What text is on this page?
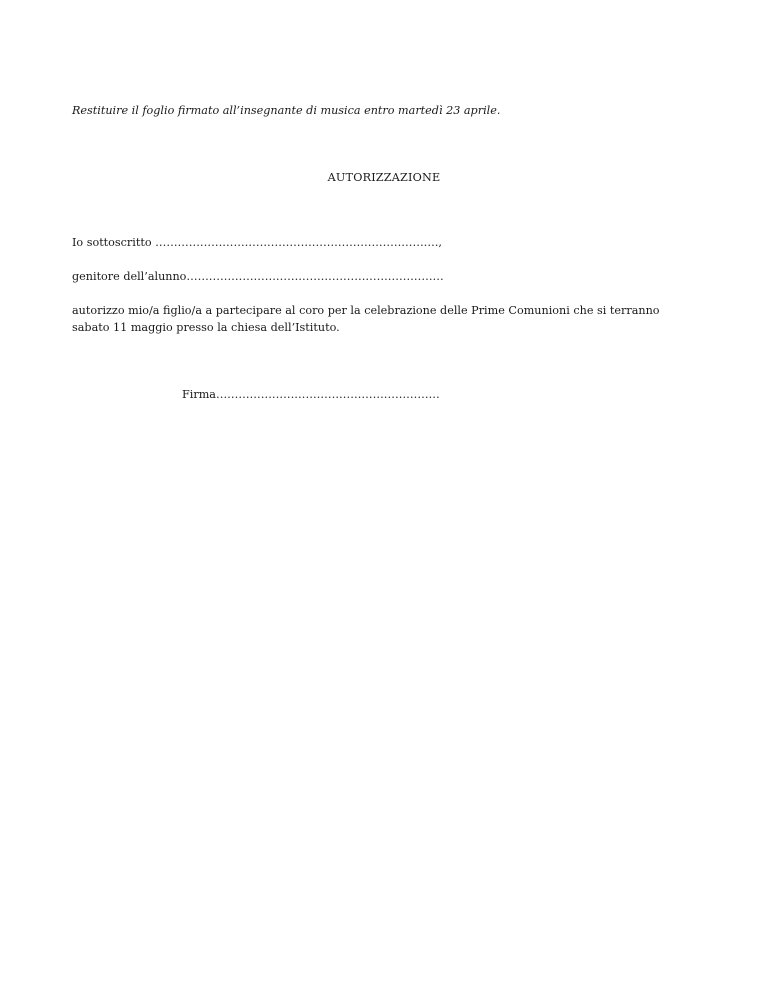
Restituire il foglio firmato all’insegnante di musica entro martedì 23 aprile.

AUTORIZZAZIONE

Io sottoscritto ………………………………………………………………….,

genitore dell’alunno……………………………………………………………

autorizzo mio/a figlio/a a partecipare al coro per la celebrazione delle Prime Comunioni che si terranno
sabato 11 maggio presso la chiesa dell’Istituto.

Firma……………………………………………………
